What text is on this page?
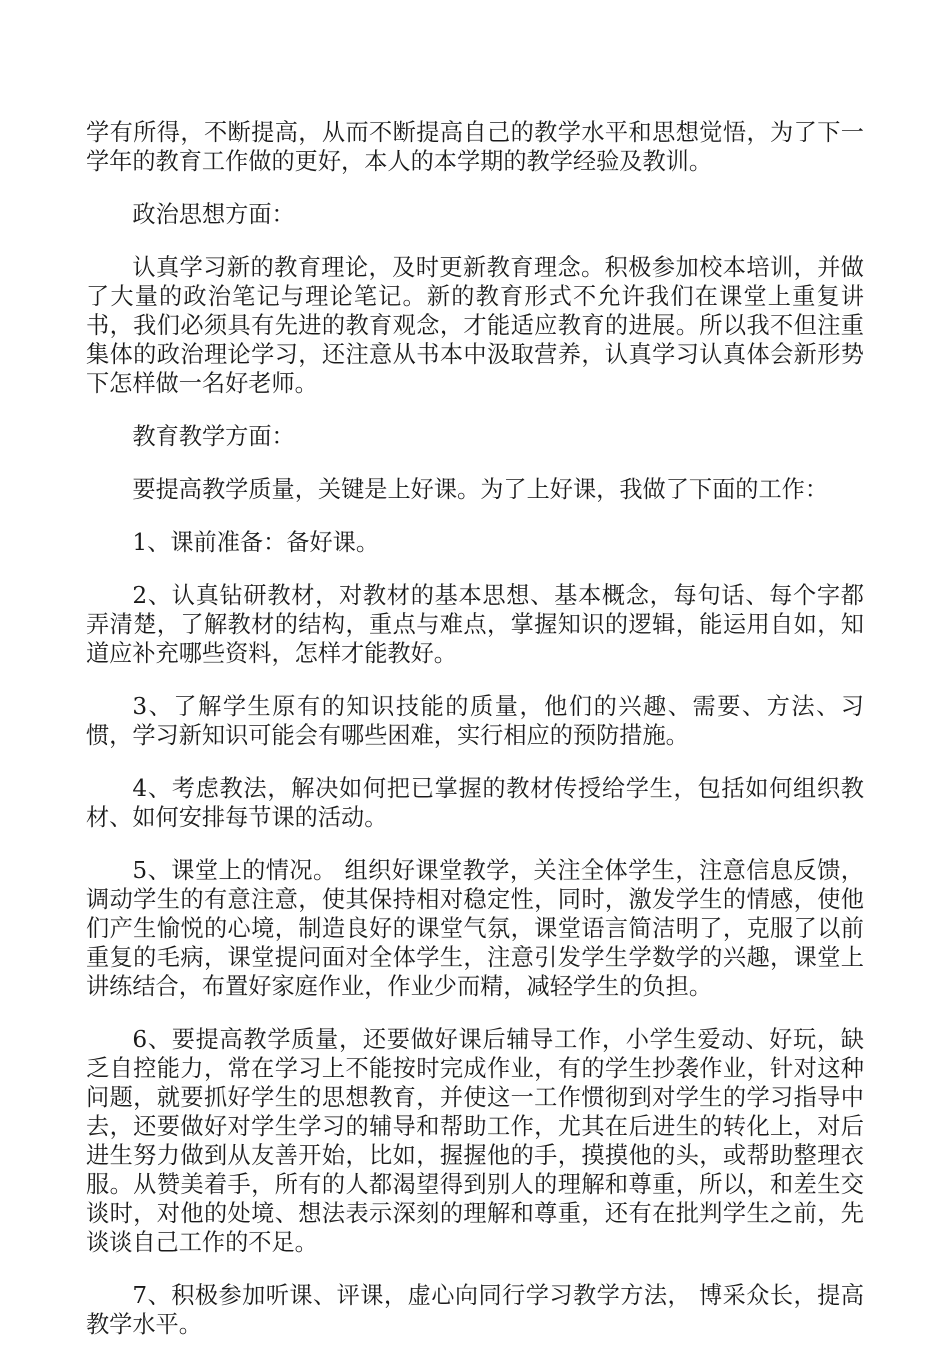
学有所得，不断提高，从而不断提高自己的教学水平和思想觉悟，为了下一学年的教育工作做的更好，本人的本学期的教学经验及教训。

政治思想方面：

认真学习新的教育理论，及时更新教育理念。积极参加校本培训，并做了大量的政治笔记与理论笔记。新的教育形式不允许我们在课堂上重复讲书，我们必须具有先进的教育观念，才能适应教育的进展。所以我不但注重集体的政治理论学习，还注意从书本中汲取营养，认真学习认真体会新形势下怎样做一名好老师。

教育教学方面：

要提高教学质量，关键是上好课。为了上好课，我做了下面的工作：

1、课前准备：备好课。

2、认真钻研教材，对教材的基本思想、基本概念，每句话、每个字都弄清楚，了解教材的结构，重点与难点，掌握知识的逻辑，能运用自如，知道应补充哪些资料，怎样才能教好。

3、了解学生原有的知识技能的质量，他们的兴趣、需要、方法、习惯，学习新知识可能会有哪些困难，实行相应的预防措施。

4、考虑教法，解决如何把已掌握的教材传授给学生，包括如何组织教材、如何安排每节课的活动。

5、课堂上的情况。 组织好课堂教学，关注全体学生，注意信息反馈，调动学生的有意注意，使其保持相对稳定性，同时，激发学生的情感，使他们产生愉悦的心境，制造良好的课堂气氛，课堂语言简洁明了，克服了以前重复的毛病，课堂提问面对全体学生，注意引发学生学数学的兴趣，课堂上讲练结合，布置好家庭作业，作业少而精，减轻学生的负担。

6、要提高教学质量，还要做好课后辅导工作，小学生爱动、好玩，缺乏自控能力，常在学习上不能按时完成作业，有的学生抄袭作业，针对这种问题，就要抓好学生的思想教育，并使这一工作惯彻到对学生的学习指导中去，还要做好对学生学习的辅导和帮助工作，尤其在后进生的转化上，对后进生努力做到从友善开始，比如，握握他的手，摸摸他的头，或帮助整理衣服。从赞美着手，所有的人都渴望得到别人的理解和尊重，所以，和差生交谈时，对他的处境、想法表示深刻的理解和尊重，还有在批判学生之前，先谈谈自己工作的不足。

7、积极参加听课、评课，虚心向同行学习教学方法， 博采众长，提高教学水平。
